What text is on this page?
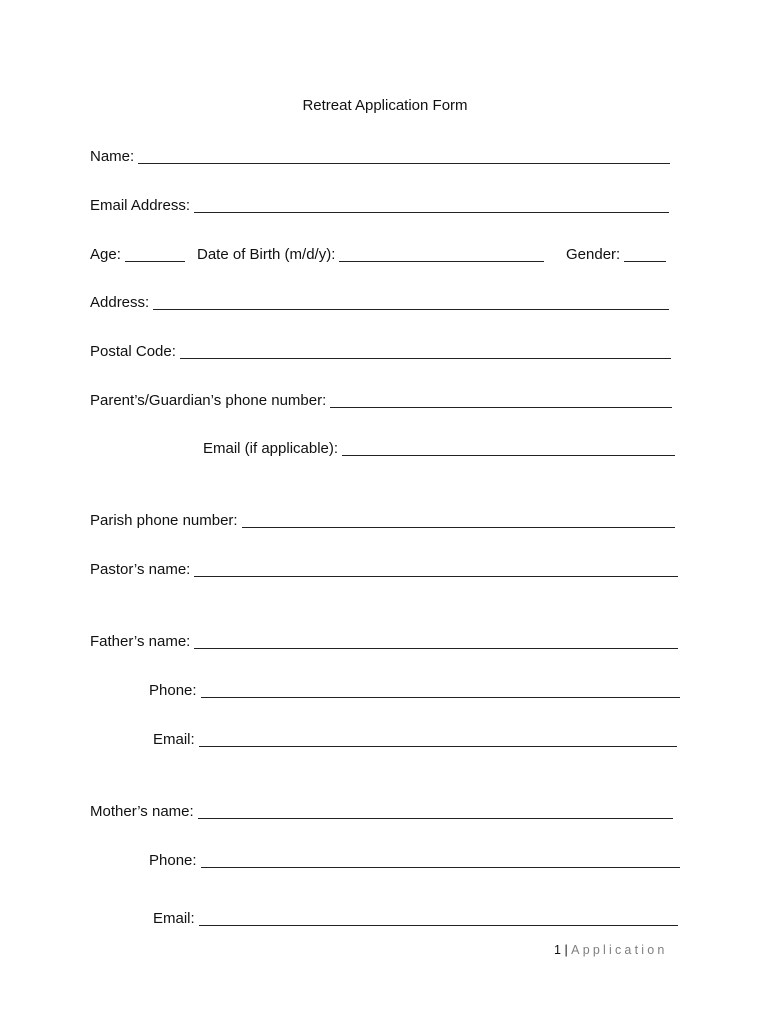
Retreat Application Form
Name:
Email Address:
Age:	Date of Birth (m/d/y):	Gender:
Address:
Postal Code:
Parent’s/Guardian’s phone number:
Email (if applicable):
Parish phone number:
Pastor’s name:
Father’s name:
Phone:
Email:
Mother’s name:
Phone:
Email:
1 | Application
